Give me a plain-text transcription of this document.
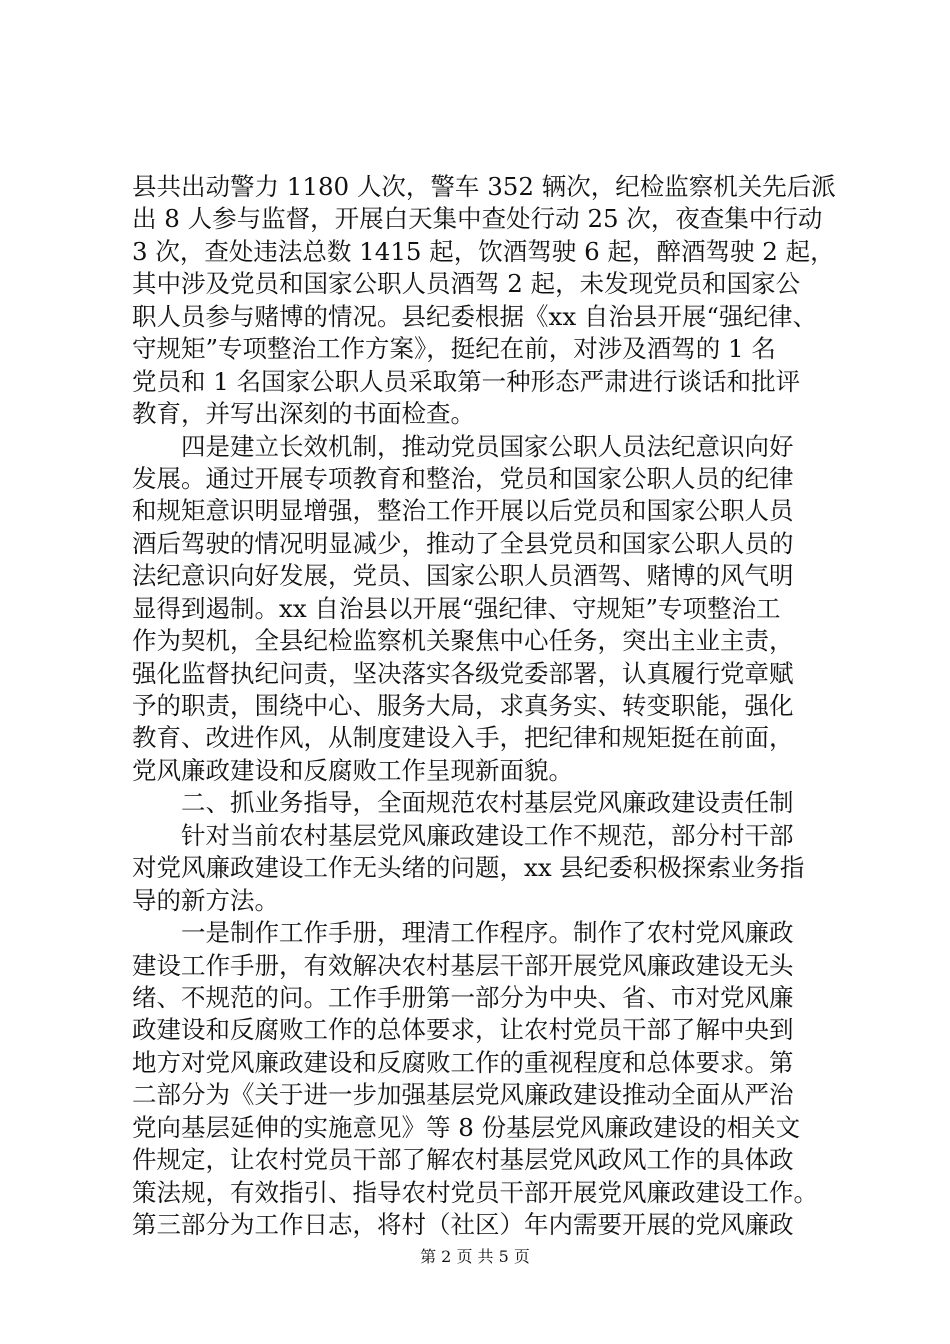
县共出动警力 1180 人次，警车 352 辆次，纪检监察机关先后派
出 8 人参与监督，开展白天集中查处行动 25 次，夜查集中行动
3 次，查处违法总数 1415 起，饮酒驾驶 6 起，醉酒驾驶 2 起，
其中涉及党员和国家公职人员酒驾 2 起，未发现党员和国家公
职人员参与赌博的情况。县纪委根据《xx 自治县开展“强纪律、
守规矩”专项整治工作方案》，挺纪在前，对涉及酒驾的 1 名
党员和 1 名国家公职人员采取第一种形态严肃进行谈话和批评
教育，并写出深刻的书面检查。
四是建立长效机制，推动党员国家公职人员法纪意识向好
发展。通过开展专项教育和整治，党员和国家公职人员的纪律
和规矩意识明显增强，整治工作开展以后党员和国家公职人员
酒后驾驶的情况明显减少，推动了全县党员和国家公职人员的
法纪意识向好发展，党员、国家公职人员酒驾、赌博的风气明
显得到遏制。xx 自治县以开展“强纪律、守规矩”专项整治工
作为契机，全县纪检监察机关聚焦中心任务，突出主业主责，
强化监督执纪问责，坚决落实各级党委部署，认真履行党章赋
予的职责，围绕中心、服务大局，求真务实、转变职能，强化
教育、改进作风，从制度建设入手，把纪律和规矩挺在前面，
党风廉政建设和反腐败工作呈现新面貌。
二、抓业务指导，全面规范农村基层党风廉政建设责任制
针对当前农村基层党风廉政建设工作不规范，部分村干部
对党风廉政建设工作无头绪的问题，xx 县纪委积极探索业务指
导的新方法。
一是制作工作手册，理清工作程序。制作了农村党风廉政
建设工作手册，有效解决农村基层干部开展党风廉政建设无头
绪、不规范的问。工作手册第一部分为中央、省、市对党风廉
政建设和反腐败工作的总体要求，让农村党员干部了解中央到
地方对党风廉政建设和反腐败工作的重视程度和总体要求。第
二部分为《关于进一步加强基层党风廉政建设推动全面从严治
党向基层延伸的实施意见》等 8 份基层党风廉政建设的相关文
件规定，让农村党员干部了解农村基层党风政风工作的具体政
策法规，有效指引、指导农村党员干部开展党风廉政建设工作。
第三部分为工作日志，将村（社区）年内需要开展的党风廉政
第 2 页 共 5 页
